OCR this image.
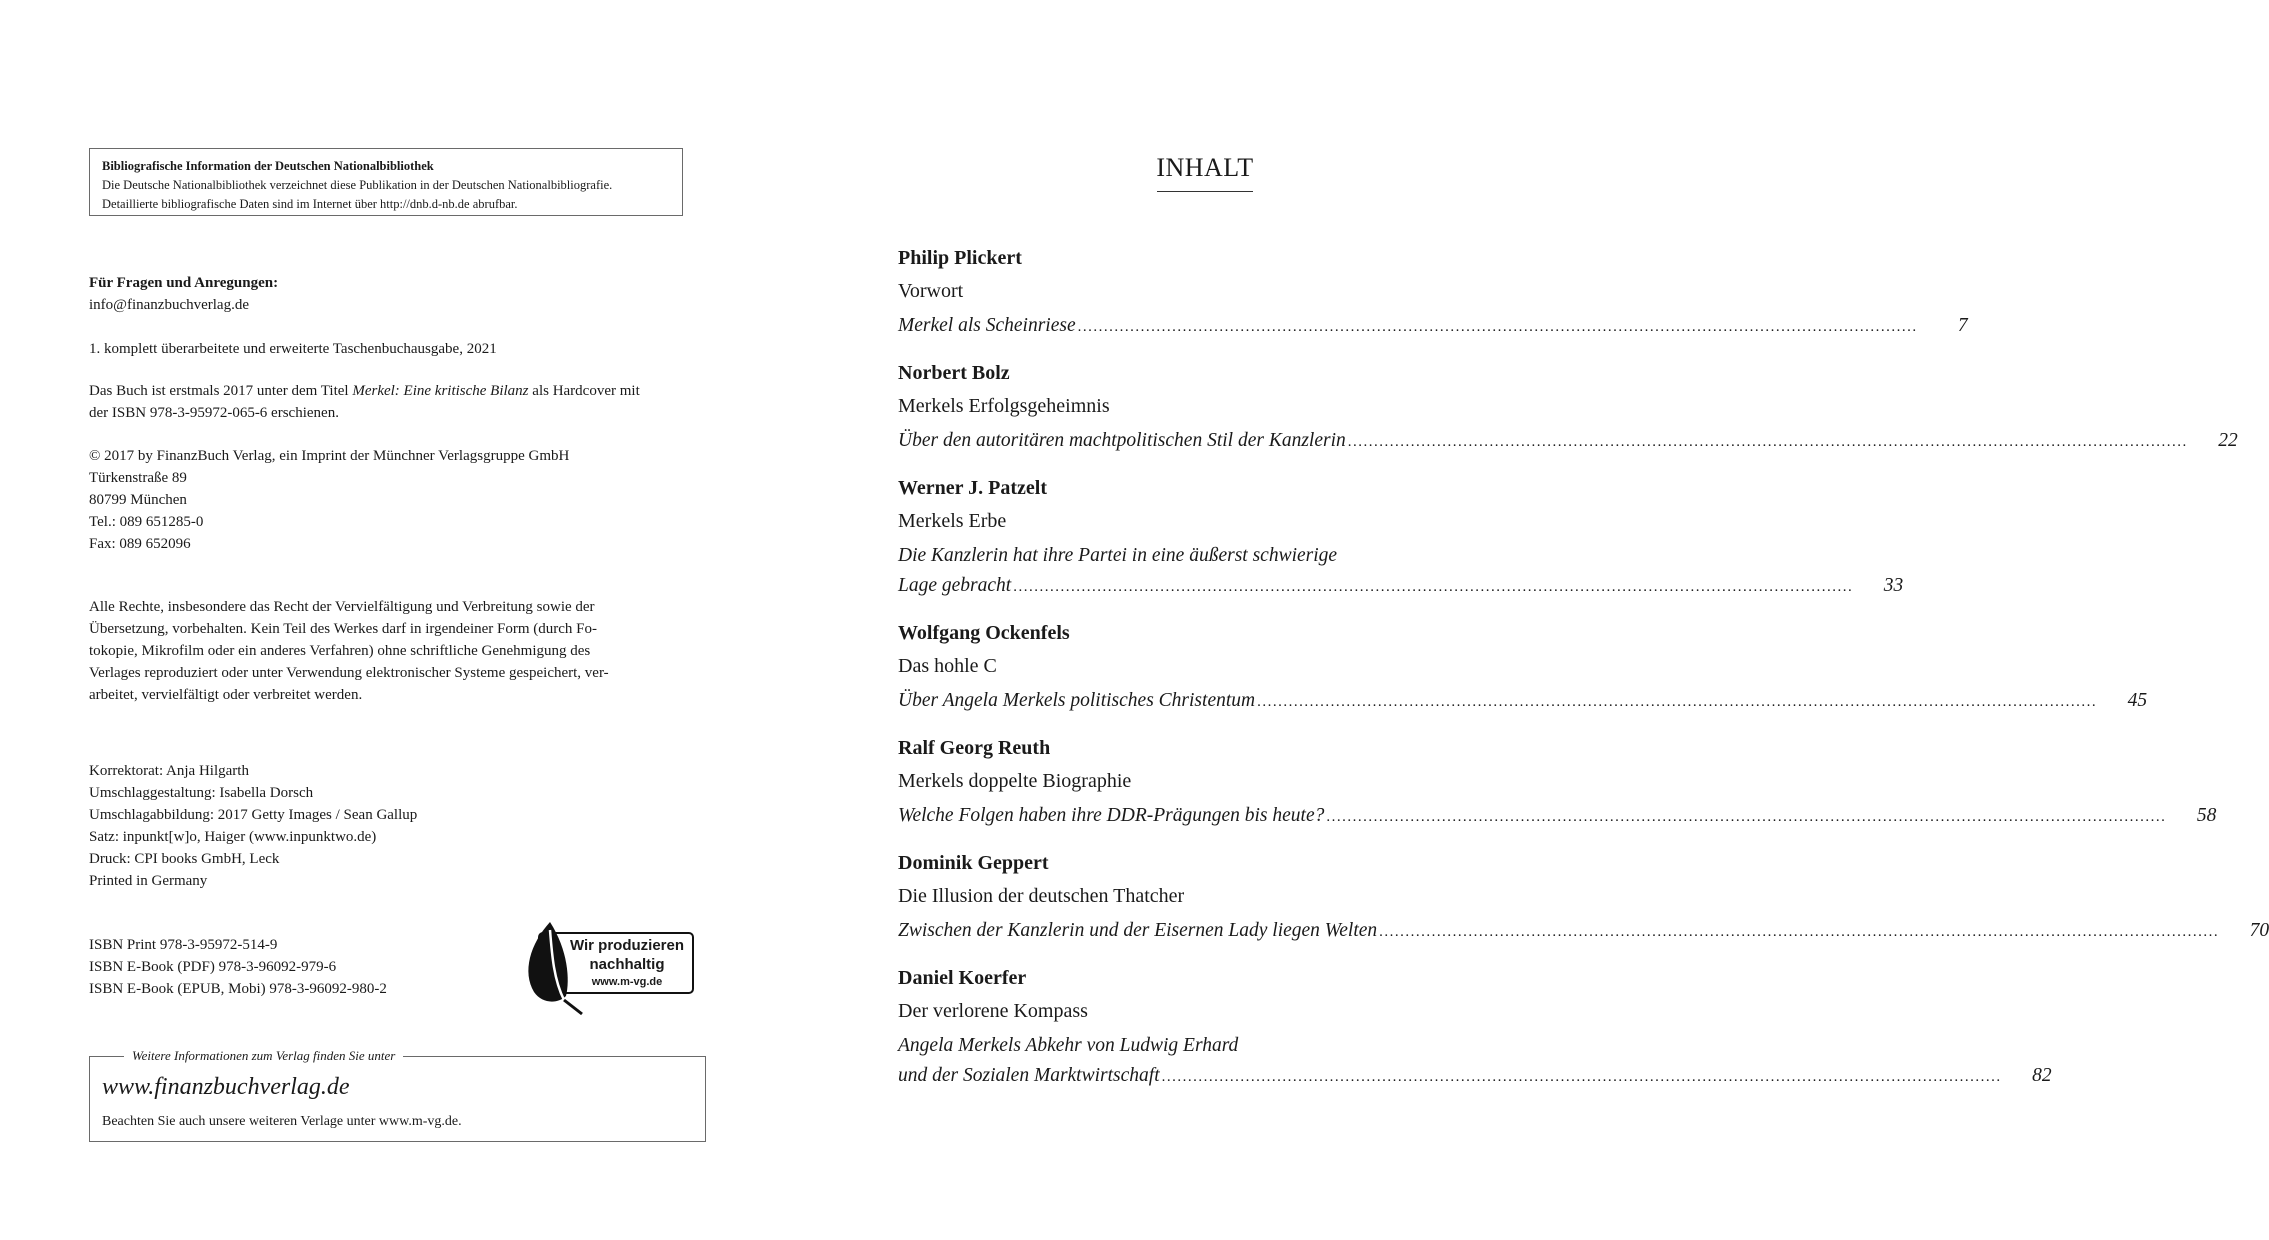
Bibliografische Information der Deutschen Nationalbibliothek
Die Deutsche Nationalbibliothek verzeichnet diese Publikation in der Deutschen Nationalbibliografie.
Detaillierte bibliografische Daten sind im Internet über http://dnb.d-nb.de abrufbar.

Für Fragen und Anregungen:

info@finanzbuchverlag.de

1. komplett überarbeitete und erweiterte Taschenbuchausgabe, 2021

Das Buch ist erstmals 2017 unter dem Titel Merkel: Eine kritische Bilanz als Hardcover mit

der ISBN 978-3-95972-065-6 erschienen.

© 2017 by FinanzBuch Verlag, ein Imprint der Münchner Verlagsgruppe GmbH

Türkenstraße 89

80799 München

Tel.: 089 651285-0

Fax: 089 652096

Alle Rechte, insbesondere das Recht der Vervielfältigung und Verbreitung sowie der

Übersetzung, vorbehalten. Kein Teil des Werkes darf in irgendeiner Form (durch Fo-

tokopie, Mikrofilm oder ein anderes Verfahren) ohne schriftliche Genehmigung des

Verlages reproduziert oder unter Verwendung elektronischer Systeme gespeichert, ver-

arbeitet, vervielfältigt oder verbreitet werden.

Korrektorat: Anja Hilgarth

Umschlaggestaltung: Isabella Dorsch

Umschlagabbildung: 2017 Getty Images / Sean Gallup

Satz: inpunkt[w]o, Haiger (www.inpunktwo.de)

Druck: CPI books GmbH, Leck

Printed in Germany

ISBN Print 978-3-95972-514-9

ISBN E-Book (PDF) 978-3-96092-979-6

ISBN E-Book (EPUB, Mobi) 978-3-96092-980-2

Wir produzieren
nachhaltig
www.m-vg.de
Weitere Informationen zum Verlag finden Sie unter
www.finanzbuchverlag.de
Beachten Sie auch unsere weiteren Verlage unter www.m-vg.de.
INHALT
Philip Plickert
Vorwort
Merkel als Scheinriese ................................................................................................................................................................	7
Norbert Bolz
Merkels Erfolgsgeheimnis
Über den autoritären machtpolitischen Stil der Kanzlerin ................................................................................................................................................................	22
Werner J. Patzelt
Merkels Erbe
Die Kanzlerin hat ihre Partei in eine äußerst schwierige
Lage gebracht ................................................................................................................................................................	33
Wolfgang Ockenfels
Das hohle C
Über Angela Merkels politisches Christentum ................................................................................................................................................................	45
Ralf Georg Reuth
Merkels doppelte Biographie
Welche Folgen haben ihre DDR-Prägungen bis heute? ................................................................................................................................................................	58
Dominik Geppert
Die Illusion der deutschen Thatcher
Zwischen der Kanzlerin und der Eisernen Lady liegen Welten ................................................................................................................................................................	70
Daniel Koerfer
Der verlorene Kompass
Angela Merkels Abkehr von Ludwig Erhard
und der Sozialen Marktwirtschaft ................................................................................................................................................................	82
